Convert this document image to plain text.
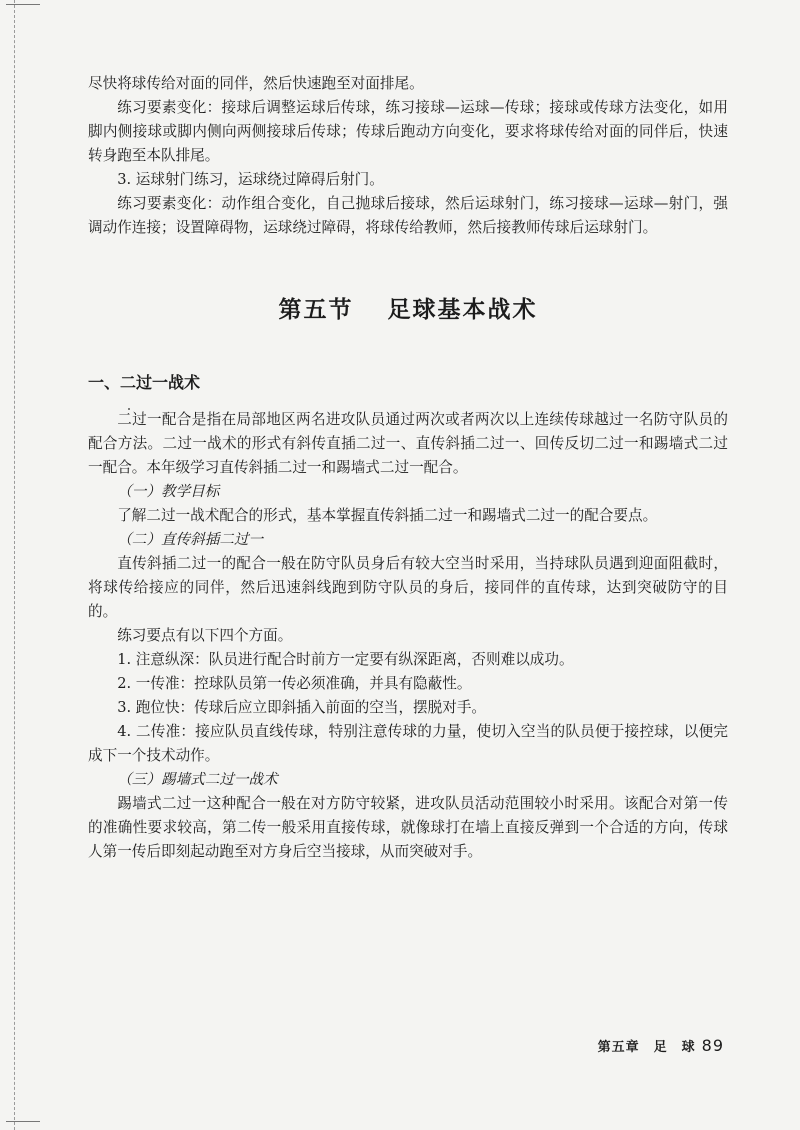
尽快将球传给对面的同伴，然后快速跑至对面排尾。

练习要素变化：接球后调整运球后传球，练习接球—运球—传球；接球或传球方法变化，如用脚内侧接球或脚内侧向两侧接球后传球；传球后跑动方向变化，要求将球传给对面的同伴后，快速转身跑至本队排尾。

3. 运球射门练习，运球绕过障碍后射门。

练习要素变化：动作组合变化，自己抛球后接球，然后运球射门，练习接球—运球—射门，强调动作连接；设置障碍物，运球绕过障碍，将球传给教师，然后接教师传球后运球射门。

第五节 足球基本战术
一、二过一战术

二过一配合是指在局部地区两名进攻队员通过两次或者两次以上连续传球越过一名防守队员的配合方法。二过一战术的形式有斜传直插二过一、直传斜插二过一、回传反切二过一和踢墙式二过一配合。本年级学习直传斜插二过一和踢墙式二过一配合。

（一）教学目标

了解二过一战术配合的形式，基本掌握直传斜插二过一和踢墙式二过一的配合要点。

（二）直传斜插二过一

直传斜插二过一的配合一般在防守队员身后有较大空当时采用，当持球队员遇到迎面阻截时，将球传给接应的同伴，然后迅速斜线跑到防守队员的身后，接同伴的直传球，达到突破防守的目的。

练习要点有以下四个方面。

1. 注意纵深：队员进行配合时前方一定要有纵深距离，否则难以成功。

2. 一传准：控球队员第一传必须准确，并具有隐蔽性。

3. 跑位快：传球后应立即斜插入前面的空当，摆脱对手。

4. 二传准：接应队员直线传球，特别注意传球的力量，使切入空当的队员便于接控球，以便完成下一个技术动作。

（三）踢墙式二过一战术

踢墙式二过一这种配合一般在对方防守较紧，进攻队员活动范围较小时采用。该配合对第一传的准确性要求较高，第二传一般采用直接传球，就像球打在墙上直接反弹到一个合适的方向，传球人第一传后即刻起动跑至对方身后空当接球，从而突破对手。

第五章　足　球 89
